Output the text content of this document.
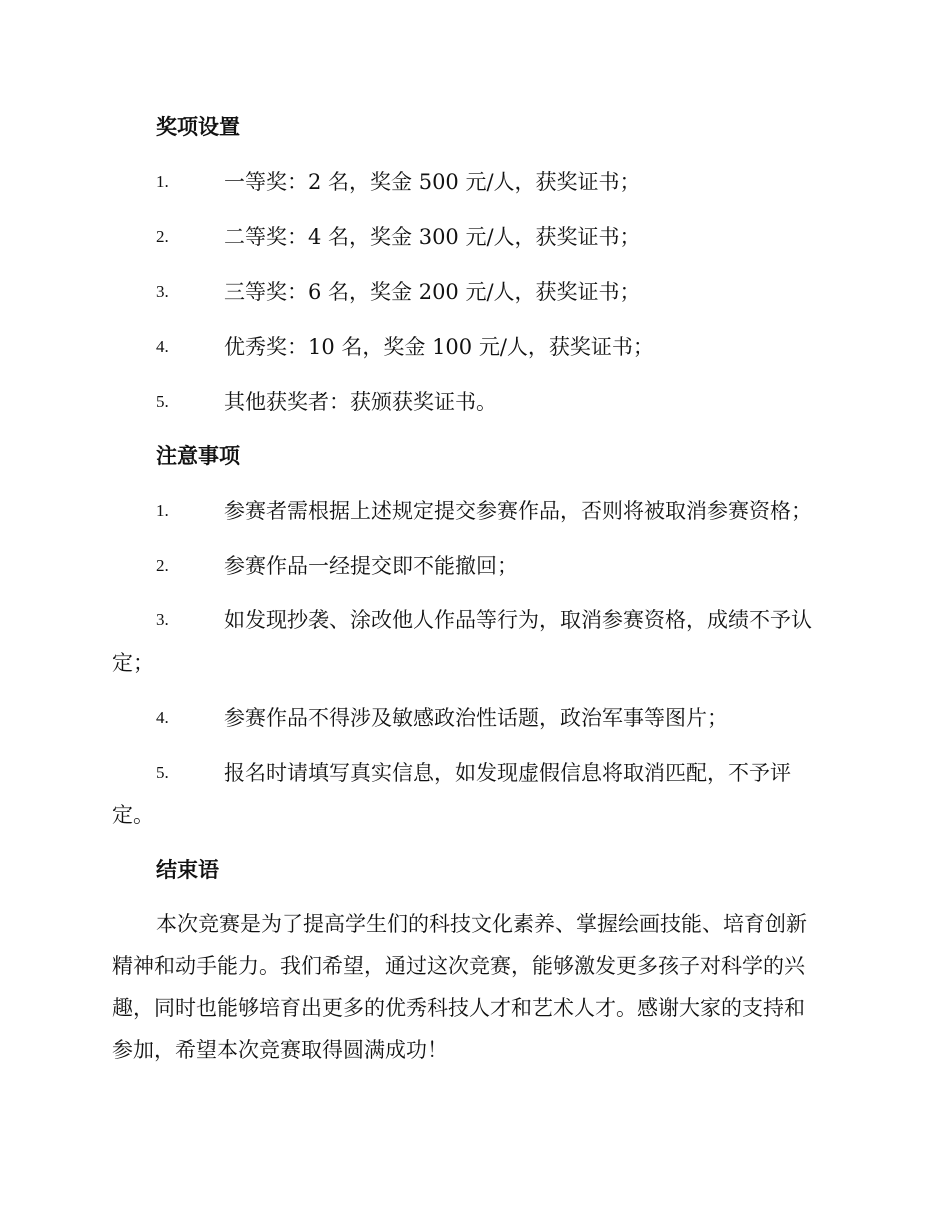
奖项设置
1.	一等奖：2 名，奖金 500 元/人，获奖证书；
2.	二等奖：4 名，奖金 300 元/人，获奖证书；
3.	三等奖：6 名，奖金 200 元/人，获奖证书；
4.	优秀奖：10 名，奖金 100 元/人，获奖证书；
5.	其他获奖者：获颁获奖证书。
注意事项
1.	参赛者需根据上述规定提交参赛作品，否则将被取消参赛资格；
2.	参赛作品一经提交即不能撤回；
3.	如发现抄袭、涂改他人作品等行为，取消参赛资格，成绩不予认
定；
4.	参赛作品不得涉及敏感政治性话题，政治军事等图片；
5.	报名时请填写真实信息，如发现虚假信息将取消匹配，不予评
定。
结束语
本次竞赛是为了提高学生们的科技文化素养、掌握绘画技能、培育创新
精神和动手能力。我们希望，通过这次竞赛，能够激发更多孩子对科学的兴
趣，同时也能够培育出更多的优秀科技人才和艺术人才。感谢大家的支持和
参加，希望本次竞赛取得圆满成功！
